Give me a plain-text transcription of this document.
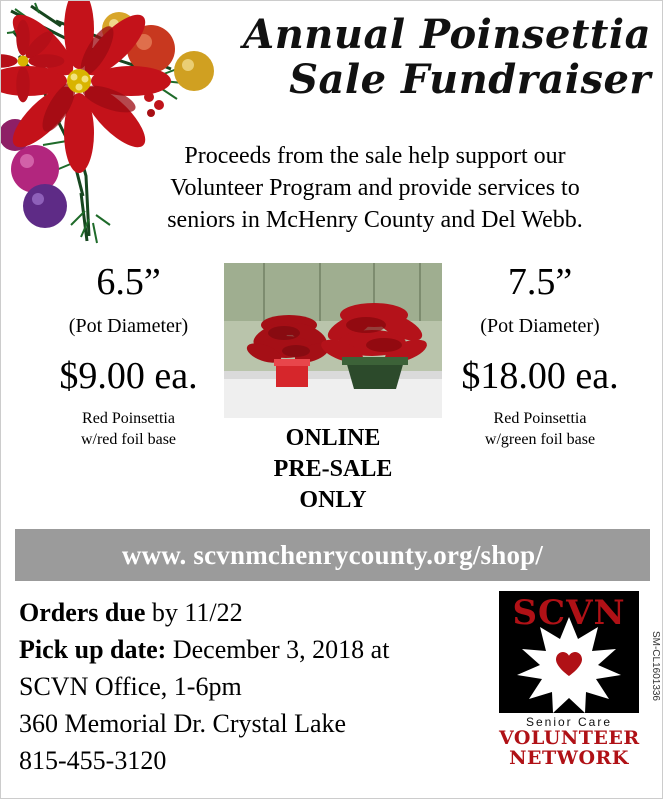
Annual Poinsettia
Sale Fundraiser
Proceeds from the sale help support our
Volunteer Program and provide services to
seniors in McHenry County and Del Webb.
6.5”
(Pot Diameter)
$9.00 ea.
Red Poinsettia
w/red foil base	ONLINE
PRE-SALE
ONLY
7.5”
(Pot Diameter)
$18.00 ea.
Red Poinsettia
w/green foil base
www. scvnmchenrycounty.org/shop/
Orders due by 11/22
Pick up date: December 3, 2018 at
SCVN Office, 1-6pm
360 Memorial Dr. Crystal Lake
815-455-3120
SCVN
Senior Care
VOLUNTEER
NETWORK
SM-CL1601336
